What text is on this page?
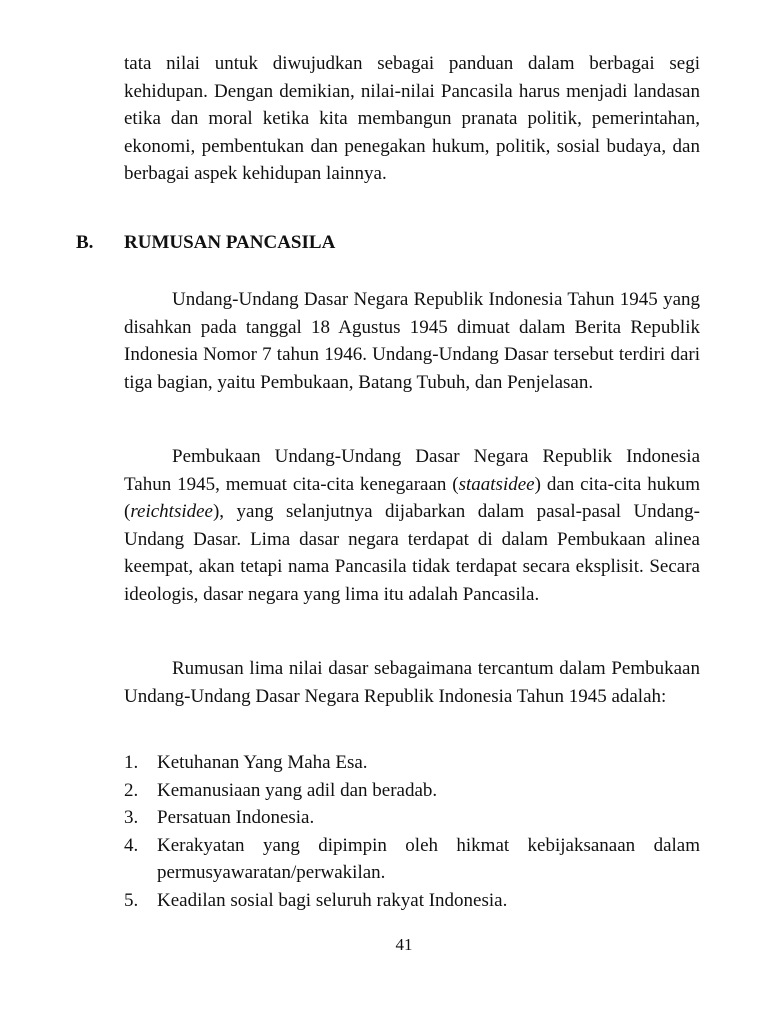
tata nilai untuk diwujudkan sebagai panduan dalam berbagai segi kehidupan. Dengan demikian, nilai-nilai Pancasila harus menjadi landasan etika dan moral ketika kita membangun pranata politik, pemerintahan, ekonomi, pembentukan dan penegakan hukum, politik, sosial budaya, dan berbagai aspek kehidupan lainnya.

B. RUMUSAN PANCASILA

Undang-Undang Dasar Negara Republik Indonesia Tahun 1945 yang disahkan pada tanggal 18 Agustus 1945 dimuat dalam Berita Republik Indonesia Nomor 7 tahun 1946. Undang-Undang Dasar tersebut terdiri dari tiga bagian, yaitu Pembukaan, Batang Tubuh, dan Penjelasan.

Pembukaan Undang-Undang Dasar Negara Republik Indonesia Tahun 1945, memuat cita-cita kenegaraan (staatsidee) dan cita-cita hukum (reichtsidee), yang selanjutnya dijabarkan dalam pasal-pasal Undang-Undang Dasar. Lima dasar negara terdapat di dalam Pembukaan alinea keempat, akan tetapi nama Pancasila tidak terdapat secara eksplisit. Secara ideologis, dasar negara yang lima itu adalah Pancasila.

Rumusan lima nilai dasar sebagaimana tercantum dalam Pembukaan Undang-Undang Dasar Negara Republik Indonesia Tahun 1945 adalah:

1. Ketuhanan Yang Maha Esa.
2. Kemanusiaan yang adil dan beradab.
3. Persatuan Indonesia.
4. Kerakyatan yang dipimpin oleh hikmat kebijaksanaan dalam permusyawaratan/perwakilan.
5. Keadilan sosial bagi seluruh rakyat Indonesia.
41
